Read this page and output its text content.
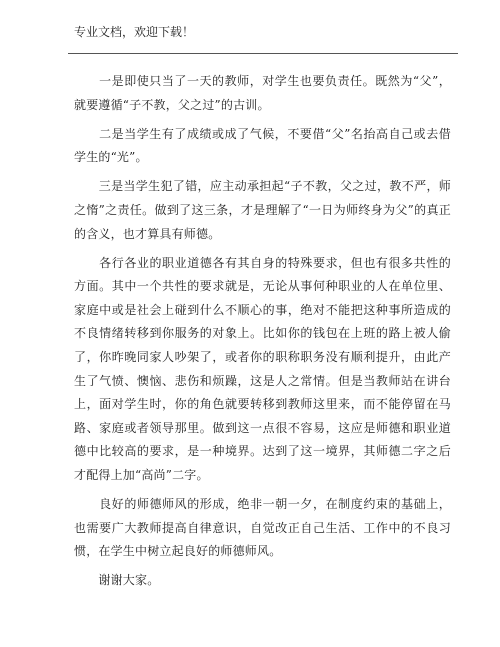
专业文档，欢迎下载！

　　一是即使只当了一天的教师，对学生也要负责任。既然为“父”，就要遵循“子不教，父之过”的古训。

　　二是当学生有了成绩或成了气候，不要借“父”名抬高自己或去借学生的“光”。

　　三是当学生犯了错，应主动承担起“子不教，父之过，教不严，师之惰”之责任。做到了这三条，才是理解了“一日为师终身为父”的真正的含义，也才算具有师德。

　　各行各业的职业道德各有其自身的特殊要求，但也有很多共性的方面。其中一个共性的要求就是，无论从事何种职业的人在单位里、家庭中或是社会上碰到什么不顺心的事，绝对不能把这种事所造成的不良情绪转移到你服务的对象上。比如你的钱包在上班的路上被人偷了，你昨晚同家人吵架了，或者你的职称职务没有顺利提升，由此产生了气愤、懊恼、悲伤和烦躁，这是人之常情。但是当教师站在讲台上，面对学生时，你的角色就要转移到教师这里来，而不能停留在马路、家庭或者领导那里。做到这一点很不容易，这应是师德和职业道德中比较高的要求，是一种境界。达到了这一境界，其师德二字之后才配得上加“高尚”二字。

　　良好的师德师风的形成，绝非一朝一夕，在制度约束的基础上，也需要广大教师提高自律意识，自觉改正自己生活、工作中的不良习惯，在学生中树立起良好的师德师风。

　　谢谢大家。
